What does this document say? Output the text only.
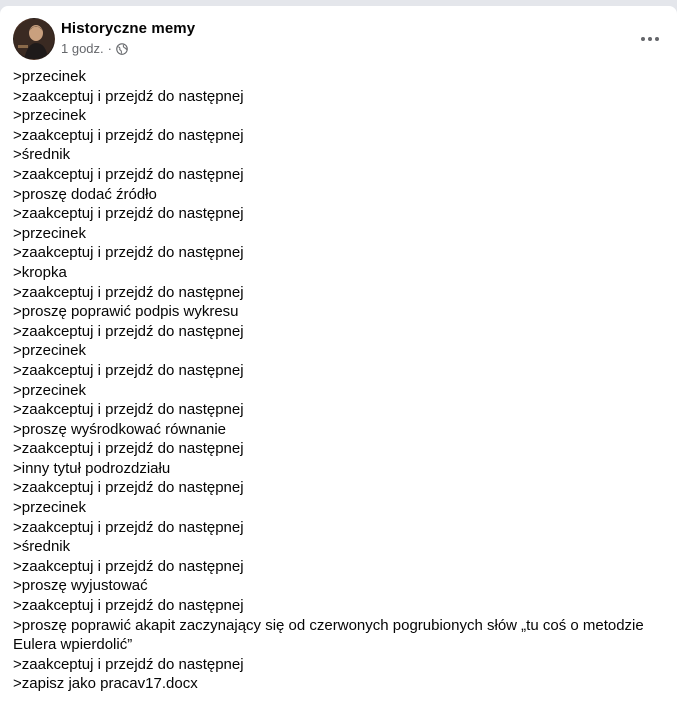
Historyczne memy
1 godz. ·
>przecinek
>zaakceptuj i przejdź do następnej
>przecinek
>zaakceptuj i przejdź do następnej
>średnik
>zaakceptuj i przejdź do następnej
>proszę dodać źródło
>zaakceptuj i przejdź do następnej
>przecinek
>zaakceptuj i przejdź do następnej
>kropka
>zaakceptuj i przejdź do następnej
>proszę poprawić podpis wykresu
>zaakceptuj i przejdź do następnej
>przecinek
>zaakceptuj i przejdź do następnej
>przecinek
>zaakceptuj i przejdź do następnej
>proszę wyśrodkować równanie
>zaakceptuj i przejdź do następnej
>inny tytuł podrozdziału
>zaakceptuj i przejdź do następnej
>przecinek
>zaakceptuj i przejdź do następnej
>średnik
>zaakceptuj i przejdź do następnej
>proszę wyjustować
>zaakceptuj i przejdź do następnej
>proszę poprawić akapit zaczynający się od czerwonych pogrubionych słów „tu coś o metodzie Eulera wpierdolić”
>zaakceptuj i przejdź do następnej
>zapisz jako pracav17.docx
